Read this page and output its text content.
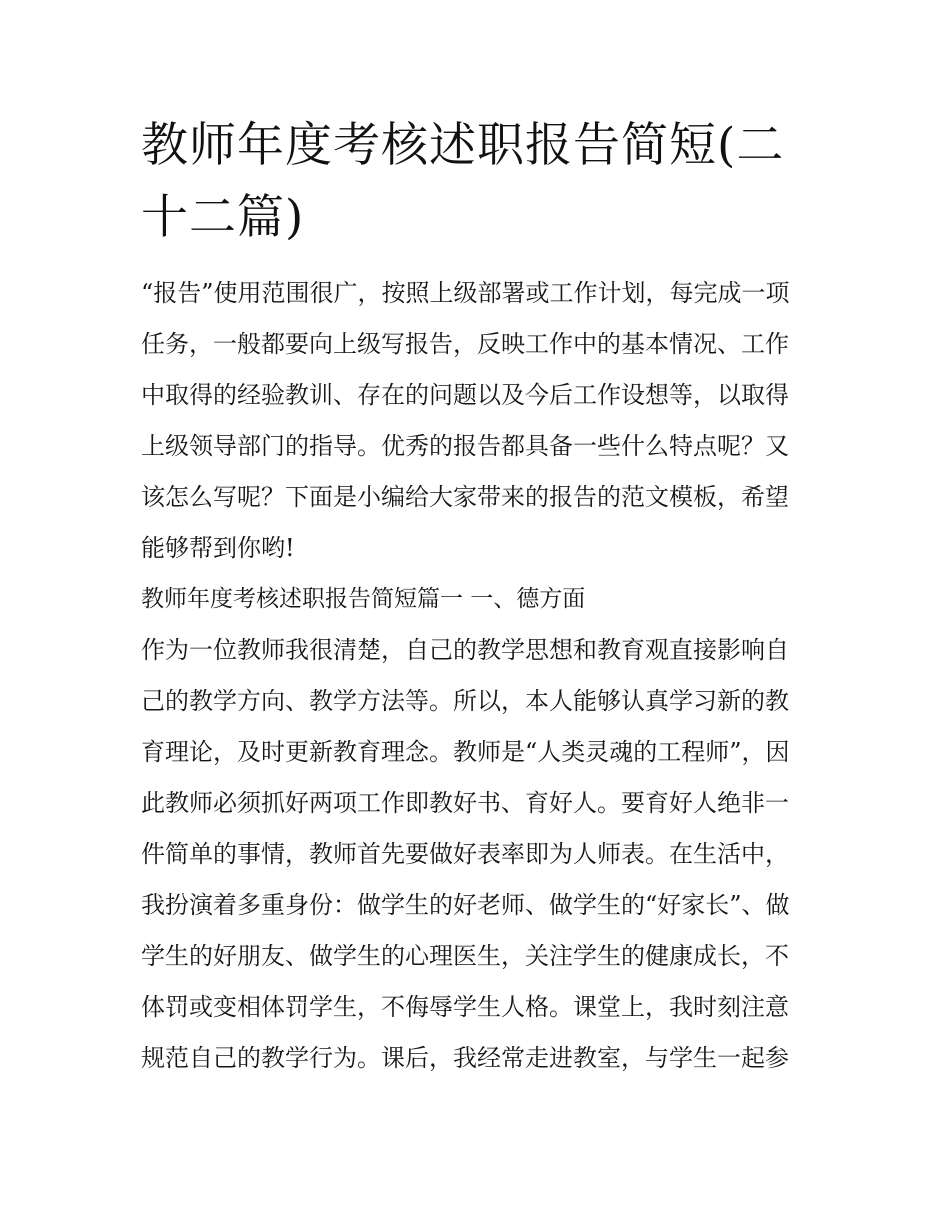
教师年度考核述职报告简短(二
十二篇)
“报告”使用范围很广，按照上级部署或工作计划，每完成一项
任务，一般都要向上级写报告，反映工作中的基本情况、工作
中取得的经验教训、存在的问题以及今后工作设想等，以取得
上级领导部门的指导。优秀的报告都具备一些什么特点呢？又
该怎么写呢？下面是小编给大家带来的报告的范文模板，希望
能够帮到你哟!
教师年度考核述职报告简短篇一 一、德方面
作为一位教师我很清楚，自己的教学思想和教育观直接影响自
己的教学方向、教学方法等。所以，本人能够认真学习新的教
育理论，及时更新教育理念。教师是“人类灵魂的工程师”，因
此教师必须抓好两项工作即教好书、育好人。要育好人绝非一
件简单的事情，教师首先要做好表率即为人师表。在生活中，
我扮演着多重身份：做学生的好老师、做学生的“好家长”、做
学生的好朋友、做学生的心理医生，关注学生的健康成长，不
体罚或变相体罚学生，不侮辱学生人格。课堂上，我时刻注意
规范自己的教学行为。课后，我经常走进教室，与学生一起参
